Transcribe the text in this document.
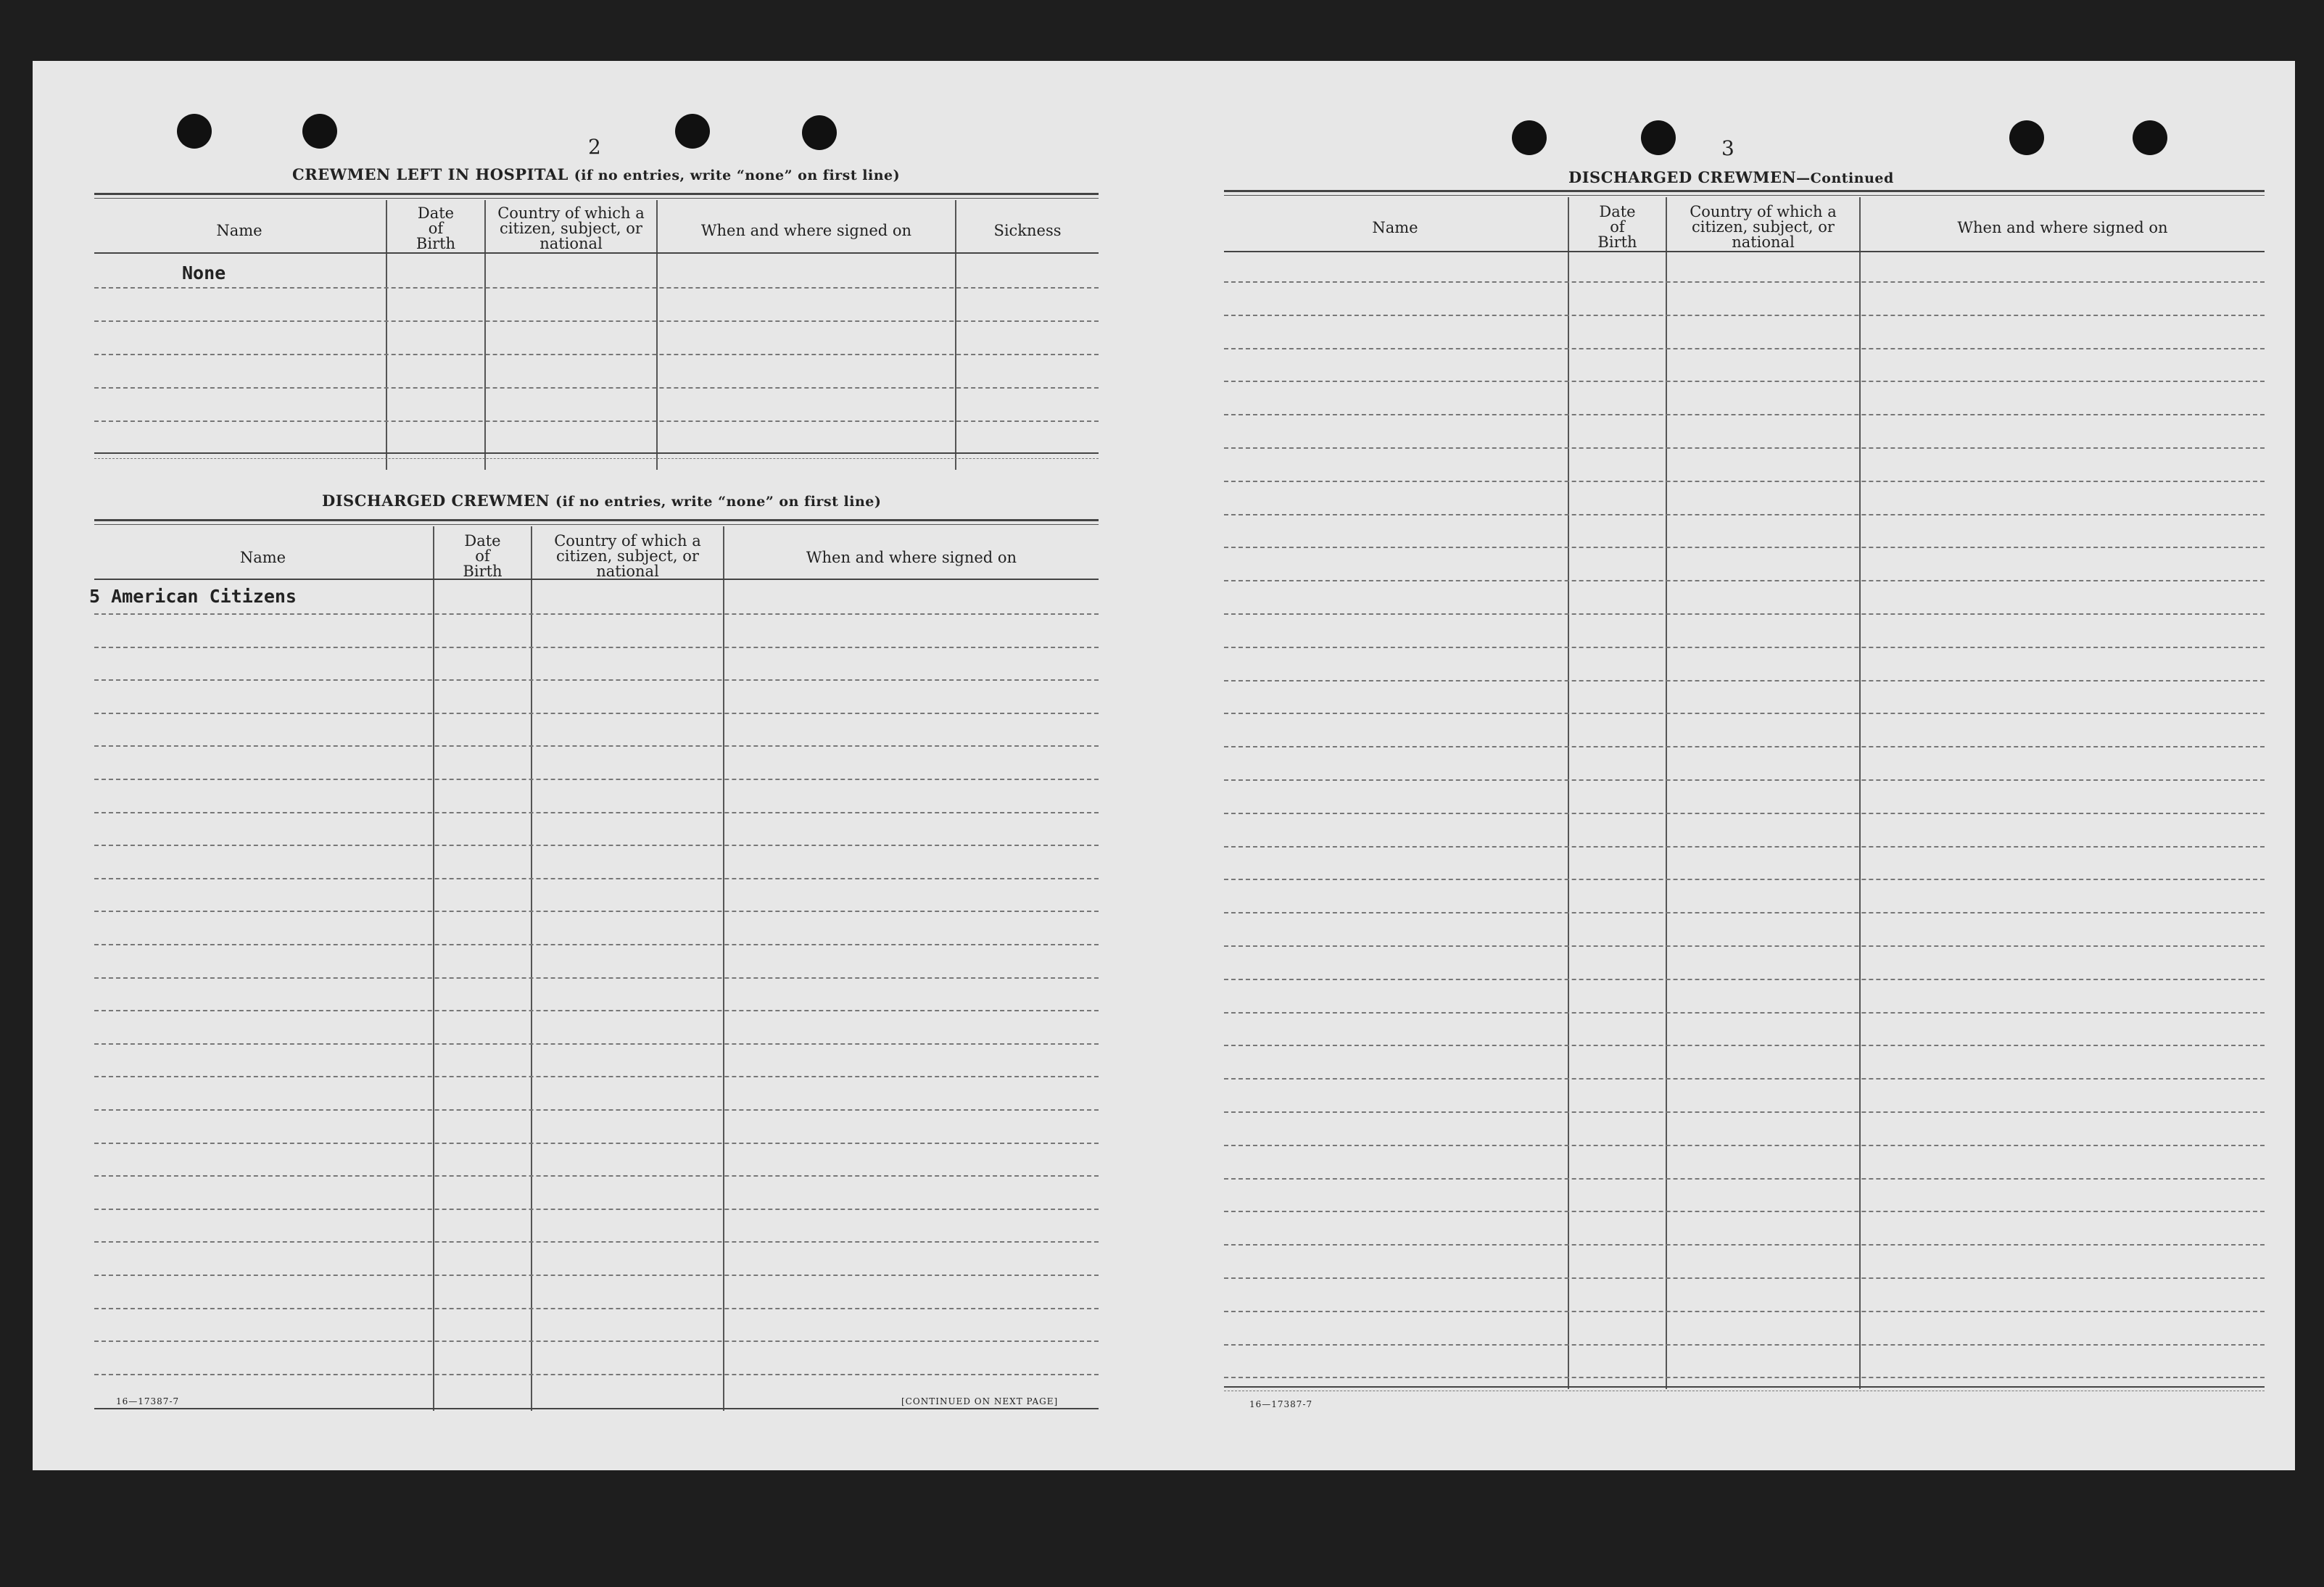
2
CREWMEN LEFT IN HOSPITAL (if no entries, write “none” on first line)
Name
Date
of
Birth
Country of which a
citizen, subject, or
national
When and where signed on	Sickness
None
DISCHARGED CREWMEN (if no entries, write “none” on first line)
Name
Date
of
Birth
Country of which a
citizen, subject, or
national
When and where signed on
5 American Citizens
16—17387-7	[CONTINUED ON NEXT PAGE]
3
DISCHARGED CREWMEN—Continued
Name
Date
of
Birth
Country of which a
citizen, subject, or
national
When and where signed on
16—17387-7
